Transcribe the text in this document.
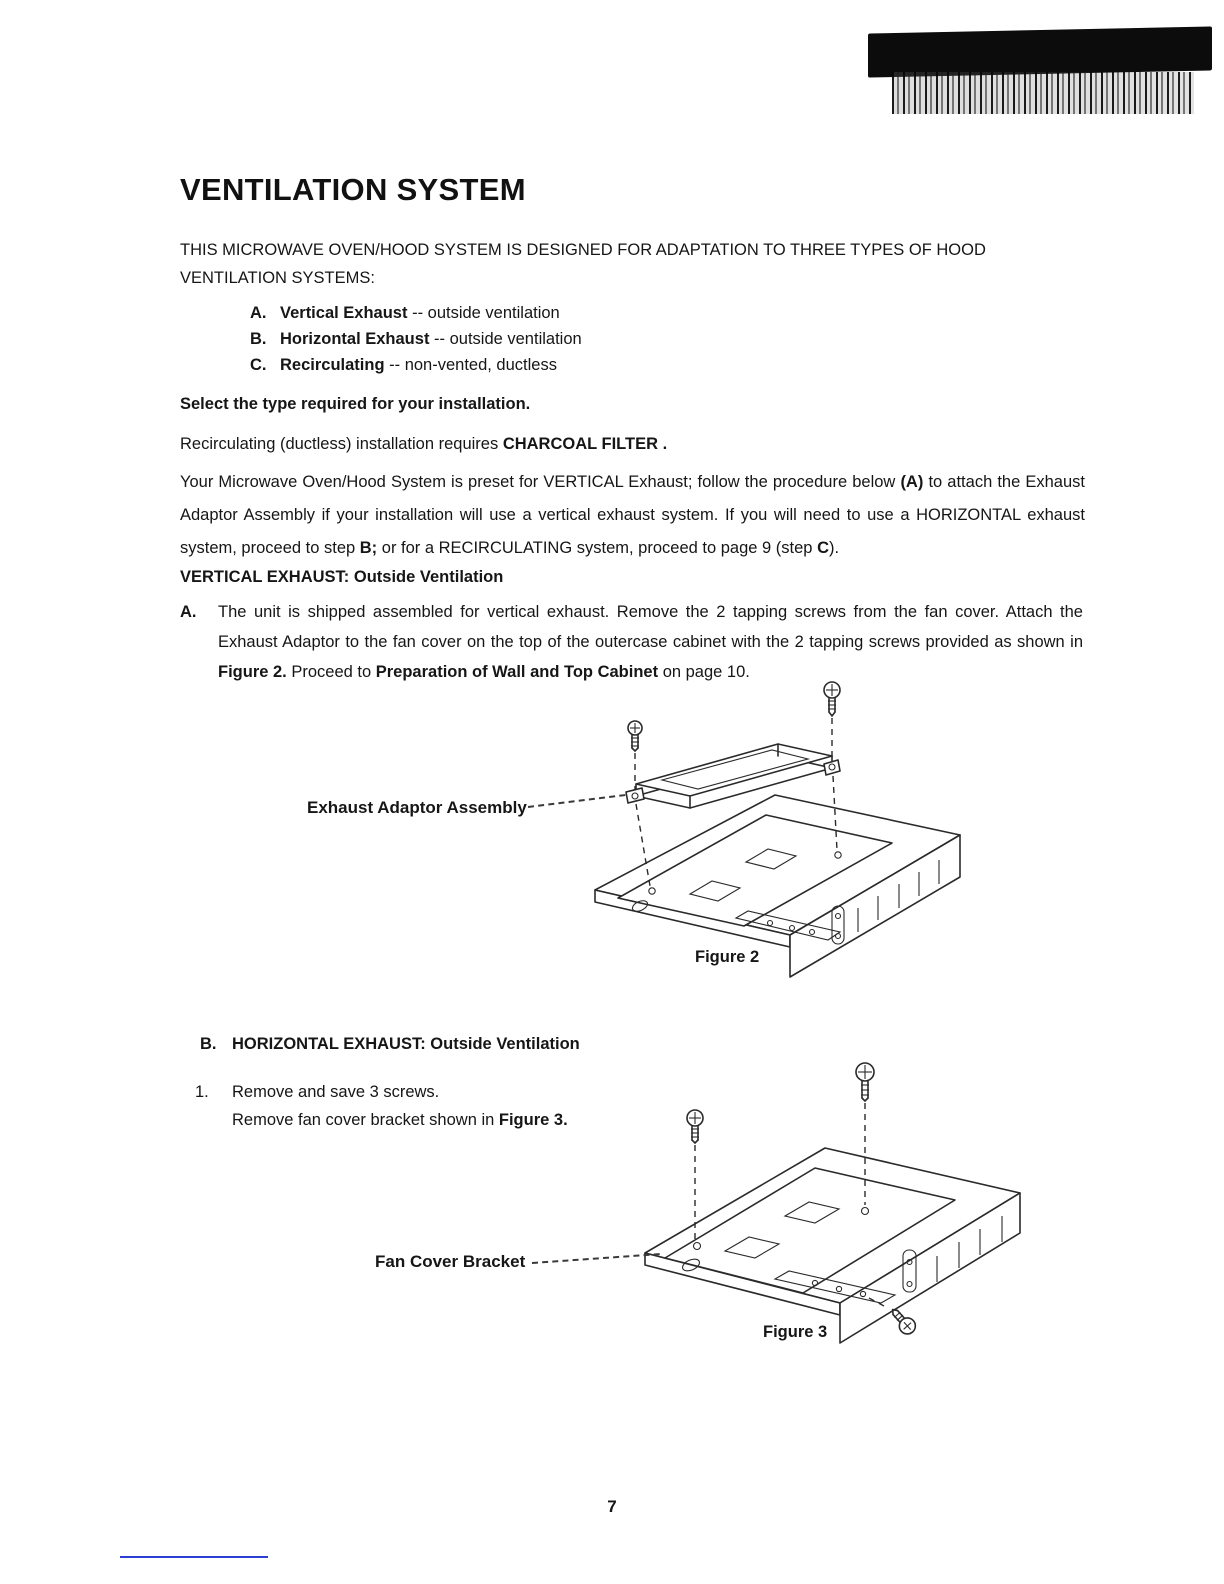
VENTILATION SYSTEM
THIS MICROWAVE OVEN/HOOD SYSTEM IS DESIGNED FOR ADAPTATION TO THREE TYPES OF HOOD VENTILATION SYSTEMS:
A. Vertical Exhaust -- outside ventilation
B. Horizontal Exhaust -- outside ventilation
C. Recirculating -- non-vented, ductless
Select the type required for your installation.
Recirculating (ductless) installation requires CHARCOAL FILTER .
Your Microwave Oven/Hood System is preset for VERTICAL Exhaust; follow the procedure below (A) to attach the Exhaust Adaptor Assembly if your installation will use a vertical exhaust system. If you will need to use a HORIZONTAL exhaust system, proceed to step B; or for a RECIRCULATING system, proceed to page 9 (step C).
VERTICAL EXHAUST: Outside Ventilation
A. The unit is shipped assembled for vertical exhaust. Remove the 2 tapping screws from the fan cover. Attach the Exhaust Adaptor to the fan cover on the top of the outercase cabinet with the 2 tapping screws provided as shown in Figure 2. Proceed to Preparation of Wall and Top Cabinet on page 10.
Exhaust Adaptor Assembly
Figure 2
B. HORIZONTAL EXHAUST: Outside Ventilation
1. Remove and save 3 screws.
Remove fan cover bracket shown in Figure 3.
Fan Cover Bracket
Figure 3
7
